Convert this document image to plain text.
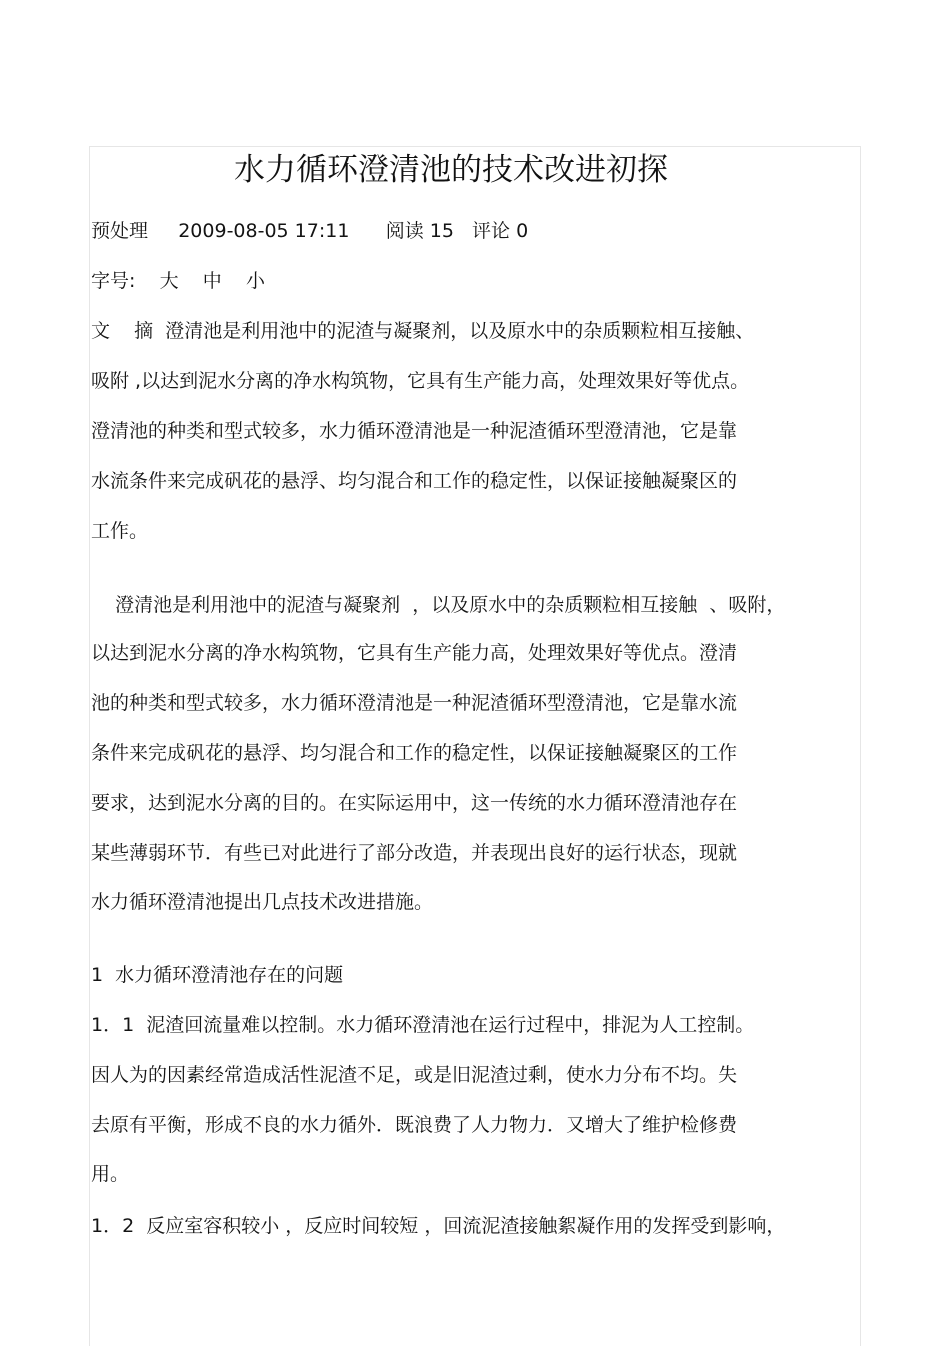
水力循环澄清池的技术改进初探
预处理 2009-08-05 17:11 阅读 15 评论 0
字号: 大 中 小
文    摘  澄清池是利用池中的泥渣与凝聚剂，以及原水中的杂质颗粒相互接触、
吸附 ,以达到泥水分离的净水构筑物，它具有生产能力高，处理效果好等优点。
澄清池的种类和型式较多，水力循环澄清池是一种泥渣循环型澄清池，它是靠
水流条件来完成矾花的悬浮、均匀混合和工作的稳定性，以保证接触凝聚区的
工作。
澄清池是利用池中的泥渣与凝聚剂  ，以及原水中的杂质颗粒相互接触  、吸附，
以达到泥水分离的净水构筑物，它具有生产能力高，处理效果好等优点。澄清
池的种类和型式较多，水力循环澄清池是一种泥渣循环型澄清池，它是靠水流
条件来完成矾花的悬浮、均匀混合和工作的稳定性，以保证接触凝聚区的工作
要求，达到泥水分离的目的。在实际运用中，这一传统的水力循环澄清池存在
某些薄弱环节．有些已对此进行了部分改造，并表现出良好的运行状态，现就
水力循环澄清池提出几点技术改进措施。
1  水力循环澄清池存在的问题
1．1  泥渣回流量难以控制。水力循环澄清池在运行过程中，排泥为人工控制。
因人为的因素经常造成活性泥渣不足，或是旧泥渣过剩，使水力分布不均。失
去原有平衡，形成不良的水力循外．既浪费了人力物力．又增大了维护检修费
用。
1．2  反应室容积较小 ，反应时间较短 ，回流泥渣接触絮凝作用的发挥受到影响，
